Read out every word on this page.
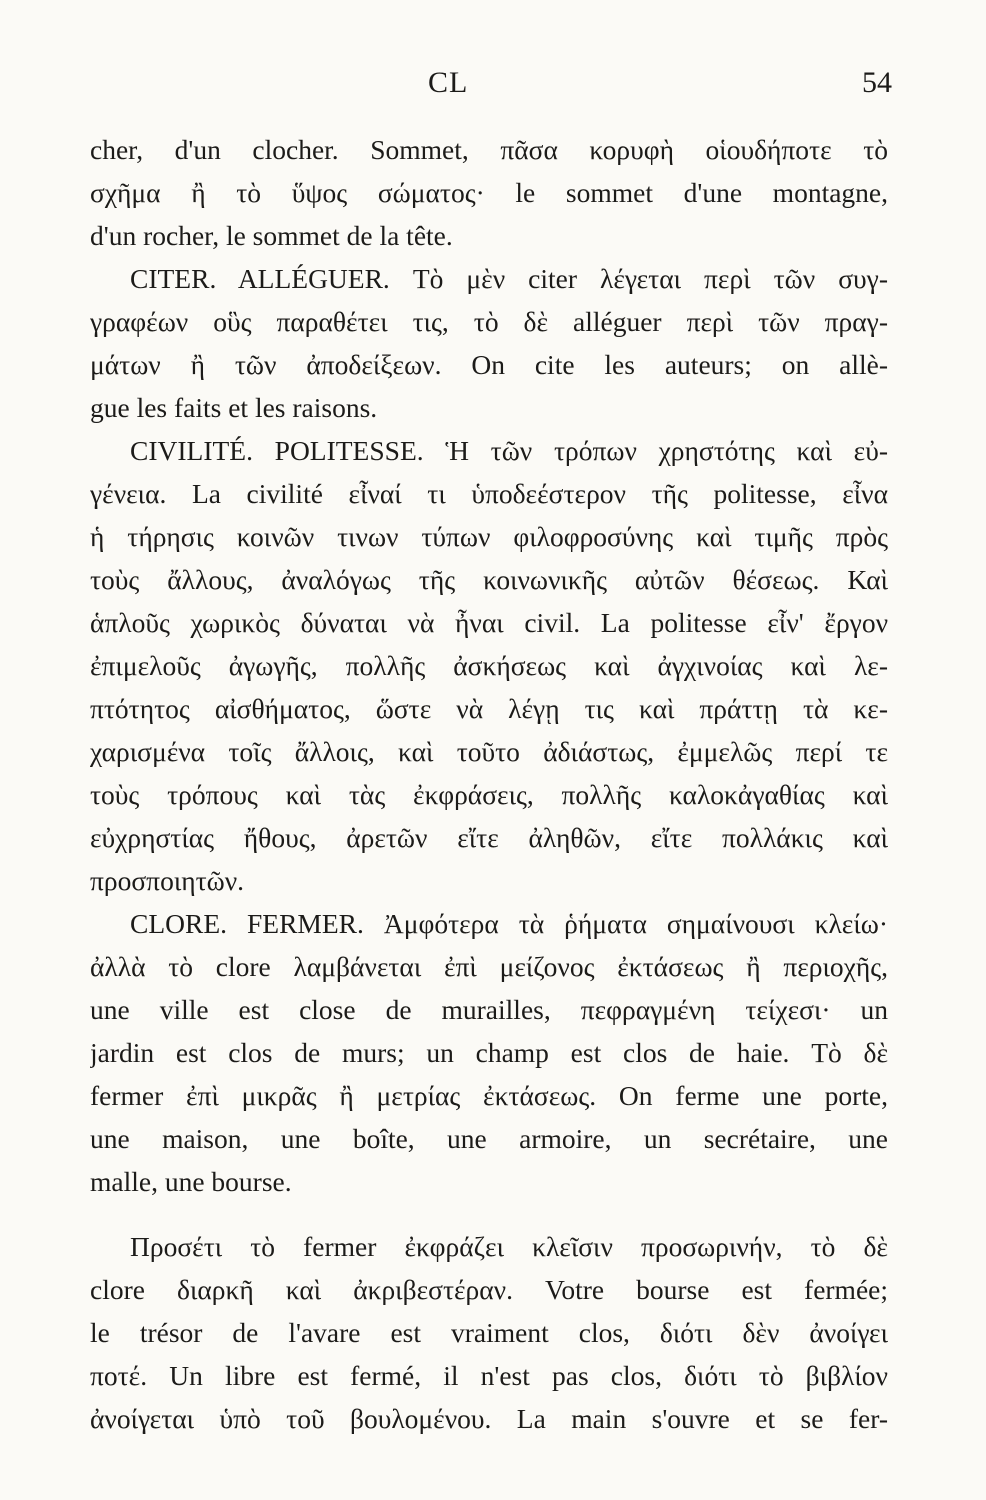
CL	54
cher, d'un clocher. Sommet, πᾶσα κορυφὴ οἱουδήποτε τὸ
σχῆμα ἢ τὸ ὕψος σώματος· le sommet d'une montagne,
d'un rocher, le sommet de la tête.
CITER. ALLÉGUER. Τὸ μὲν citer λέγεται περὶ τῶν συγ-
γραφέων οὓς παραθέτει τις, τὸ δὲ alléguer περὶ τῶν πραγ-
μάτων ἢ τῶν ἀποδείξεων. On cite les auteurs; on allè-
gue les faits et les raisons.
CIVILITÉ. POLITESSE. Ἡ τῶν τρόπων χρηστότης καὶ εὐ-
γένεια. La civilité εἶναί τι ὑποδεέστερον τῆς politesse, εἶνα
ἡ τήρησις κοινῶν τινων τύπων φιλοφροσύνης καὶ τιμῆς πρὸς
τοὺς ἄλλους, ἀναλόγως τῆς κοινωνικῆς αὐτῶν θέσεως. Καὶ
ἁπλοῦς χωρικὸς δύναται νὰ ἦναι civil. La politesse εἶν' ἔργον
ἐπιμελοῦς ἀγωγῆς, πολλῆς ἀσκήσεως καὶ ἀγχινοίας καὶ λε-
πτότητος αἰσθήματος, ὥστε νὰ λέγῃ τις καὶ πράττῃ τὰ κε-
χαρισμένα τοῖς ἄλλοις, καὶ τοῦτο ἀδιάστως, ἐμμελῶς περί τε
τοὺς τρόπους καὶ τὰς ἐκφράσεις, πολλῆς καλοκἀγαθίας καὶ
εὐχρηστίας ἤθους, ἀρετῶν εἴτε ἀληθῶν, εἴτε πολλάκις καὶ
προσποιητῶν.
CLORE. FERMER. Ἀμφότερα τὰ ῥήματα σημαίνουσι κλείω·
ἀλλὰ τὸ clore λαμβάνεται ἐπὶ μείζονος ἐκτάσεως ἢ περιοχῆς,
une ville est close de murailles, πεφραγμένη τείχεσι· un
jardin est clos de murs; un champ est clos de haie. Τὸ δὲ
fermer ἐπὶ μικρᾶς ἢ μετρίας ἐκτάσεως. On ferme une porte,
une maison, une boîte, une armoire, un secrétaire, une
malle, une bourse.
Προσέτι τὸ fermer ἐκφράζει κλεῖσιν προσωρινήν, τὸ δὲ
clore διαρκῆ καὶ ἀκριβεστέραν. Votre bourse est fermée;
le trésor de l'avare est vraiment clos, διότι δὲν ἀνοίγει
ποτέ. Un libre est fermé, il n'est pas clos, διότι τὸ βιβλίον
ἀνοίγεται ὑπὸ τοῦ βουλομένου. La main s'ouvre et se fer-
